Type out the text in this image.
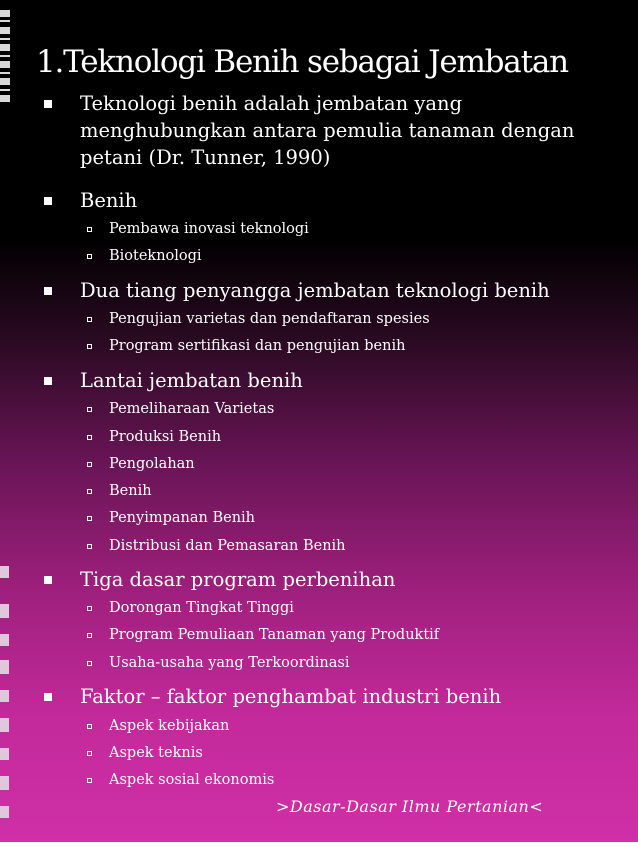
1.Teknologi Benih sebagai Jembatan
Teknologi benih adalah jembatan yang menghubungkan antara pemulia tanaman dengan petani (Dr. Tunner, 1990)
Benih
Pembawa inovasi teknologi
Bioteknologi
Dua tiang penyangga jembatan teknologi benih
Pengujian varietas dan pendaftaran spesies
Program sertifikasi dan pengujian benih
Lantai jembatan benih
Pemeliharaan Varietas
Produksi Benih
Pengolahan
Benih
Penyimpanan Benih
Distribusi dan Pemasaran Benih
Tiga dasar program perbenihan
Dorongan Tingkat Tinggi
Program Pemuliaan Tanaman yang Produktif
Usaha-usaha yang Terkoordinasi
Faktor – faktor penghambat industri benih
Aspek kebijakan
Aspek teknis
Aspek sosial ekonomis
>Dasar-Dasar Ilmu Pertanian<
